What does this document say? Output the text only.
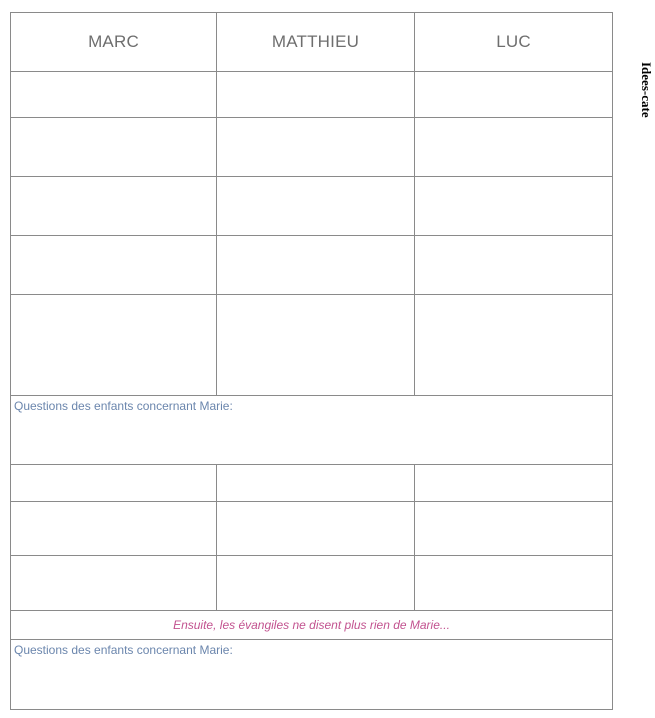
MARC	MATTHIEU	LUC

Questions des enfants concernant Marie:		

Ensuite, les évangiles ne disent plus rien de Marie...		
Questions des enfants concernant Marie:		
Idees-cate
